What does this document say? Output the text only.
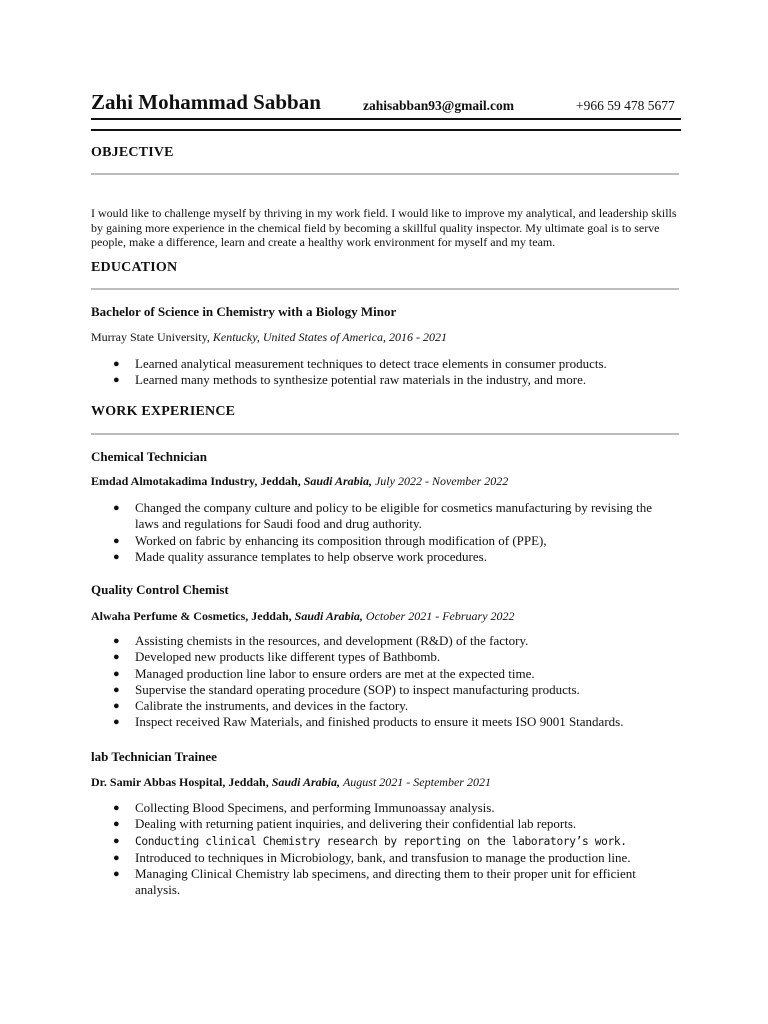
Zahi Mohammad Sabban	zahisabban93@gmail.com	+966 59 478 5677
OBJECTIVE
I would like to challenge myself by thriving in my work field. I would like to improve my analytical, and leadership skills by gaining more experience in the chemical field by becoming a skillful quality inspector. My ultimate goal is to serve people, make a difference, learn and create a healthy work environment for myself and my team.
EDUCATION
Bachelor of Science in Chemistry with a Biology Minor
Murray State University, Kentucky, United States of America, 2016 - 2021
● Learned analytical measurement techniques to detect trace elements in consumer products.
● Learned many methods to synthesize potential raw materials in the industry, and more.
WORK EXPERIENCE
Chemical Technician
Emdad Almotakadima Industry, Jeddah, Saudi Arabia, July 2022 - November 2022
● Changed the company culture and policy to be eligible for cosmetics manufacturing by revising the laws and regulations for Saudi food and drug authority.
● Worked on fabric by enhancing its composition through modification of (PPE),
● Made quality assurance templates to help observe work procedures.
Quality Control Chemist
Alwaha Perfume & Cosmetics, Jeddah, Saudi Arabia, October 2021 - February 2022
● Assisting chemists in the resources, and development (R&D) of the factory.
● Developed new products like different types of Bathbomb.
● Managed production line labor to ensure orders are met at the expected time.
● Supervise the standard operating procedure (SOP) to inspect manufacturing products.
● Calibrate the instruments, and devices in the factory.
● Inspect received Raw Materials, and finished products to ensure it meets ISO 9001 Standards.
lab Technician Trainee
Dr. Samir Abbas Hospital, Jeddah, Saudi Arabia, August 2021 - September 2021
● Collecting Blood Specimens, and performing Immunoassay analysis.
● Dealing with returning patient inquiries, and delivering their confidential lab reports.
● Conducting clinical Chemistry research by reporting on the laboratory’s work.
● Introduced to techniques in Microbiology, bank, and transfusion to manage the production line.
● Managing Clinical Chemistry lab specimens, and directing them to their proper unit for efficient analysis.
